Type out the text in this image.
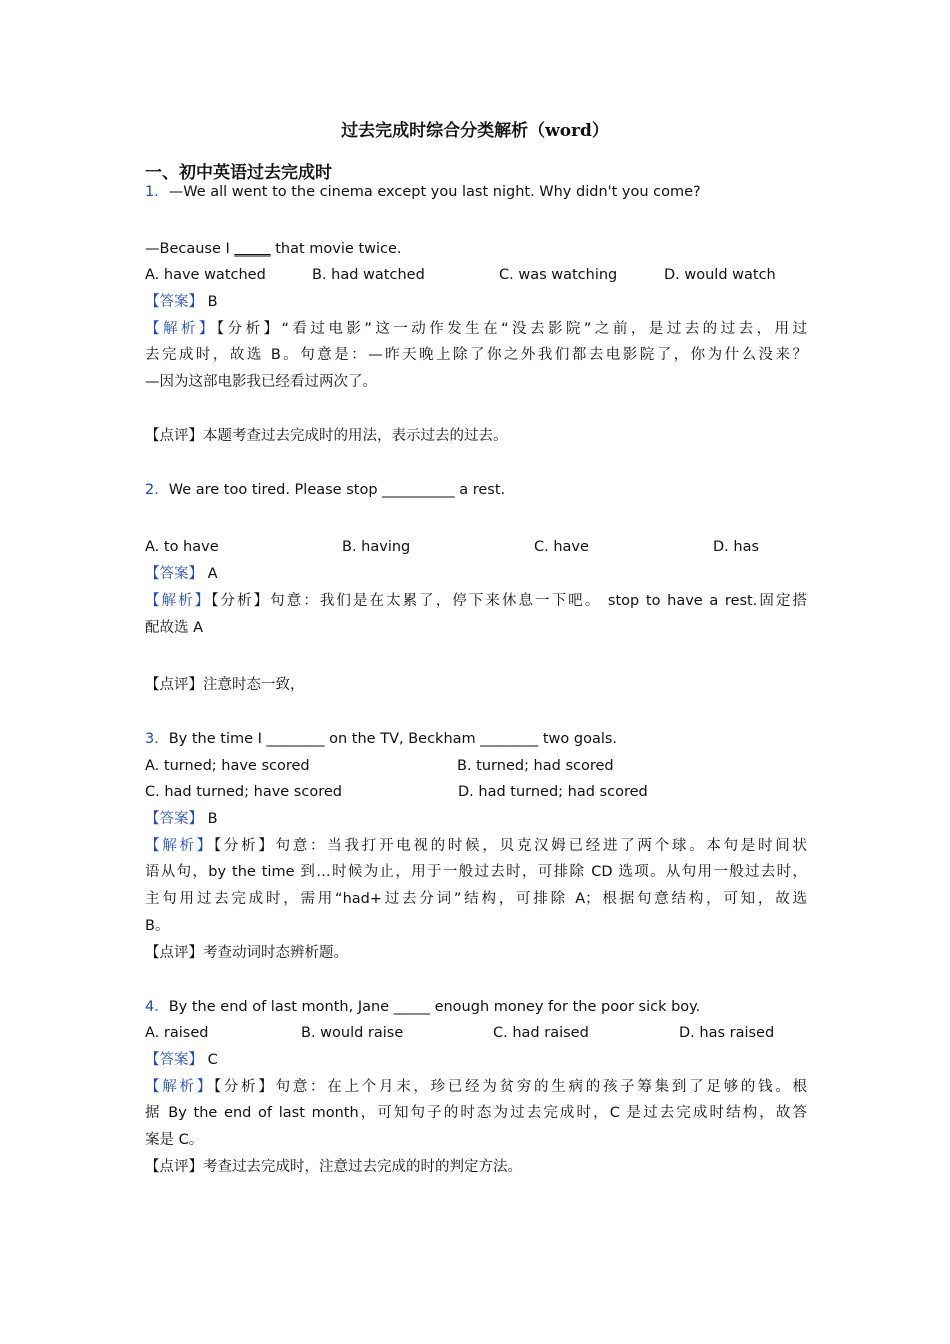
过去完成时综合分类解析（word）
一、初中英语过去完成时
1．—We all went to the cinema except you last night. Why didn't you come?
—Because I _____ that movie twice.
A. have watched	B. had watched	C. was watching	D. would watch
【答案】 B
【解析】【分析】“看过电影”这一动作发生在“没去影院”之前，是过去的过去，用过
去完成时，故选 B。句意是：—昨天晚上除了你之外我们都去电影院了，你为什么没来？
—因为这部电影我已经看过两次了。
【点评】本题考查过去完成时的用法，表示过去的过去。
2．We are too tired. Please stop __________ a rest.
A. to have	B. having	C. have	D. has
【答案】 A
【解析】【分析】句意：我们是在太累了，停下来休息一下吧。 stop to have a rest.固定搭
配故选 A
【点评】注意时态一致，
3．By the time I ________ on the TV, Beckham ________ two goals.
A. turned; have scored	B. turned; had scored
C. had turned; have scored	D. had turned; had scored
【答案】 B
【解析】【分析】句意：当我打开电视的时候，贝克汉姆已经进了两个球。本句是时间状
语从句，by the time 到…时候为止，用于一般过去时，可排除 CD 选项。从句用一般过去时，
主句用过去完成时，需用“had+过去分词”结构，可排除 A；根据句意结构，可知，故选
B。
【点评】考查动词时态辨析题。
4．By the end of last month, Jane _____ enough money for the poor sick boy.
A. raised	B. would raise	C. had raised	D. has raised
【答案】 C
【解析】【分析】句意：在上个月末，珍已经为贫穷的生病的孩子筹集到了足够的钱。根
据 By the end of last month，可知句子的时态为过去完成时，C 是过去完成时结构，故答
案是 C。
【点评】考查过去完成时，注意过去完成的时的判定方法。
